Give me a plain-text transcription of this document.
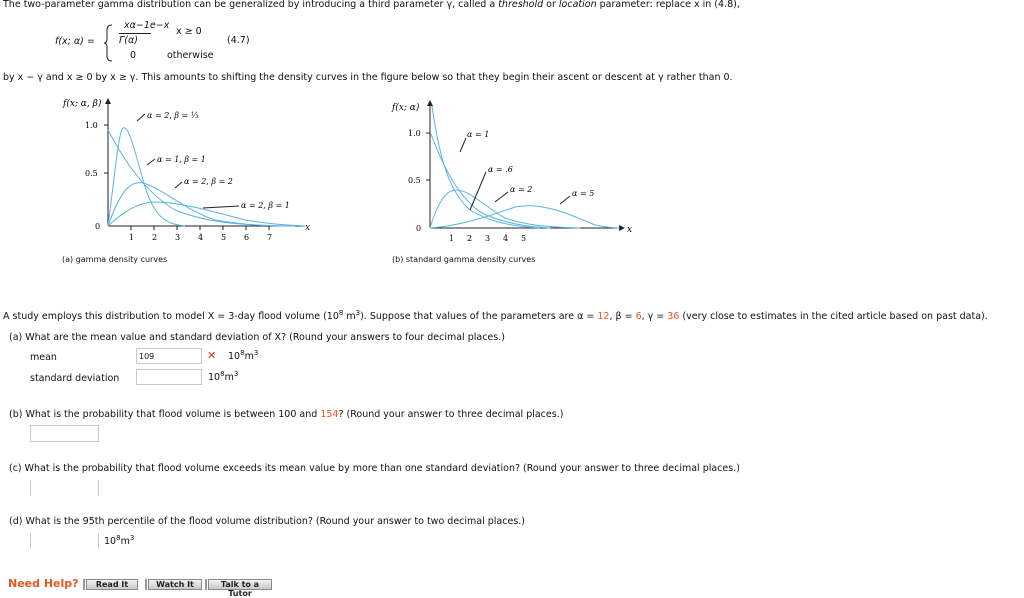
The two-parameter gamma distribution can be generalized by introducing a third parameter γ, called a threshold or location parameter: replace x in (4.8),
f(x; α) =
xα−1e−x
Γ(α)
x ≥ 0
0	otherwise
(4.7)
by x − γ and x ≥ 0 by x ≥ γ. This amounts to shifting the density curves in the figure below so that they begin their ascent or descent at γ rather than 0.
f(x; α, β)
x
1.0
0.5
0
1 2 3 4 5 6 7
α = 2, β = ⅓
α = 1, β = 1
α = 2, β = 2
α = 2, β = 1
(a) gamma density curves
f(x; α)
x
1.0
0.5
0
1 2 3 4 5
α = 1
α = .6
α = 2	α = 5
(b) standard gamma density curves
A study employs this distribution to model X = 3-day flood volume ($10^8$ $m^3$). Suppose that values of the parameters are α = 12, β = 6, γ = 36 (very close to estimates in the cited article based on past data).
(a) What are the mean value and standard deviation of X? (Round your answers to four decimal places.)
mean	109	✕ $10^8m^3$
standard deviation	$10^8m^3$
(b) What is the probability that flood volume is between 100 and 154? (Round your answer to three decimal places.)
(c) What is the probability that flood volume exceeds its mean value by more than one standard deviation? (Round your answer to three decimal places.)
(d) What is the 95th percentile of the flood volume distribution? (Round your answer to two decimal places.)
$10^8m^3$
Need Help?	Read It	Watch It	Talk to a Tutor
